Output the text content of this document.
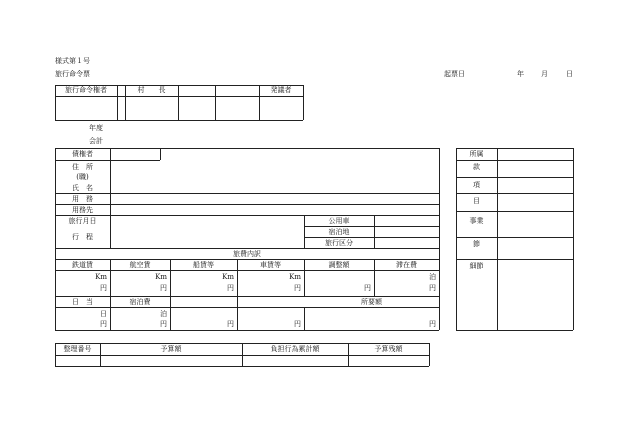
様式第１号
旅行命令票	起票日	年 月	日
旅行命令権者	村　　長	発議者
年度
会計
債権者
住　所
(職)
氏　名
用　務
用務先
旅行月日
行　程
公用車
宿泊地
旅行区分
旅費内訳
鉄道賃	航空賃	船賃等	車賃等	調整額	滞在費
Km	Km	Km	Km	泊
円	円	円	円	円	円
日　当	宿泊費	所要額
日	泊
円	円	円	円	円
所属
款
項
目
事業
節
細節
整理番号	予算額	負担行為累計額	予算残額
